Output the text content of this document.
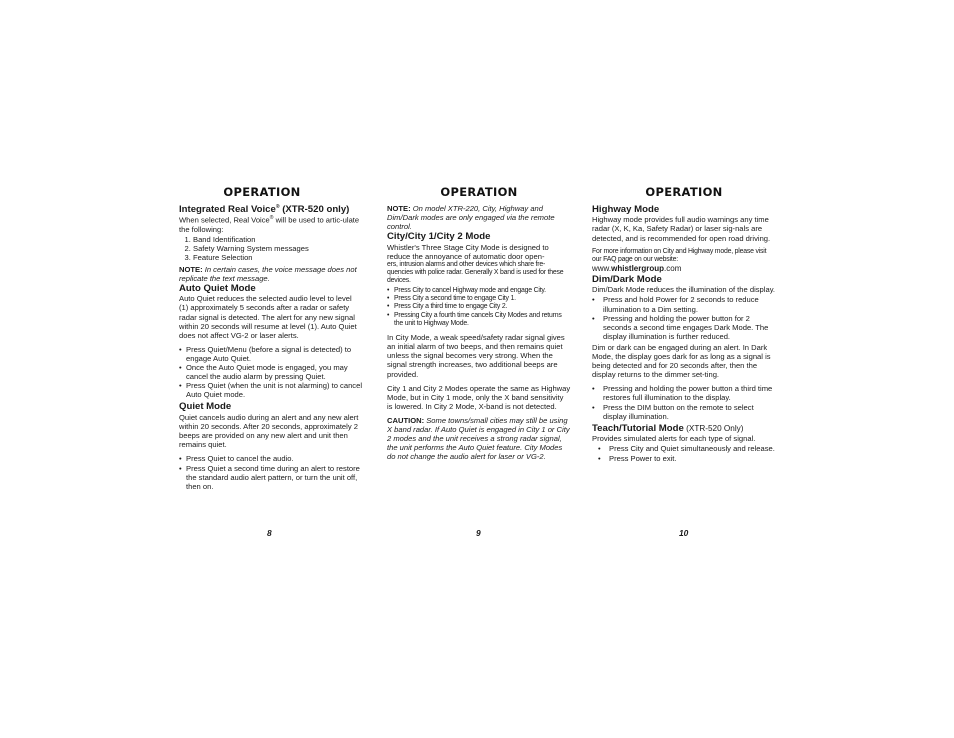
OPERATION

Integrated Real Voice® (XTR-520 only)

When selected, Real Voice® will be used to artic-ulate the following:

1. Band Identification
2. Safety Warning System messages
3. Feature Selection

NOTE: In certain cases, the voice message does not replicate the text message.

Auto Quiet Mode

Auto Quiet reduces the selected audio level to level (1) approximately 5 seconds after a radar or safety radar signal is detected. The alert for any new signal within 20 seconds will resume at level (1). Auto Quiet does not affect VG-2 or laser alerts.

• Press Quiet/Menu (before a signal is detected) to engage Auto Quiet.
• Once the Auto Quiet mode is engaged, you may cancel the audio alarm by pressing Quiet.
• Press Quiet (when the unit is not alarming) to cancel Auto Quiet mode.

Quiet Mode

Quiet cancels audio during an alert and any new alert within 20 seconds. After 20 seconds, approximately 2 beeps are provided on any new alert and unit then remains quiet.

• Press Quiet to cancel the audio.
• Press Quiet a second time during an alert to restore the standard audio alert pattern, or turn the unit off, then on.
8
OPERATION

NOTE: On model XTR-220, City, Highway and Dim/Dark modes are only engaged via the remote control.

City/City 1/City 2 Mode

Whistler's Three Stage City Mode is designed to reduce the annoyance of automatic door open-
ers, intrusion alarms and other devices which share fre-quencies with police radar. Generally X band is used for these devices.

• Press City to cancel Highway mode and engage City.
• Press City a second time to engage City 1.
• Press City a third time to engage City 2.
• Pressing City a fourth time cancels City Modes and returns the unit to Highway Mode.

In City Mode, a weak speed/safety radar signal gives an initial alarm of two beeps, and then remains quiet unless the signal becomes very strong. When the signal strength increases, two additional beeps are provided.

City 1 and City 2 Modes operate the same as Highway Mode, but in City 1 mode, only the X band sensitivity is lowered. In City 2 Mode, X-band is not detected.

CAUTION: Some towns/small cities may still be using X band radar. If Auto Quiet is engaged in City 1 or City 2 modes and the unit receives a strong radar signal, the unit performs the Auto Quiet feature. City Modes do not change the audio alert for laser or VG-2.

9
OPERATION

Highway Mode

Highway mode provides full audio warnings any time radar (X, K, Ka, Safety Radar) or laser sig-nals are detected, and is recommended for open road driving.

For more information on City and Highway mode, please visit our FAQ page on our website:

www.whistlergroup.com

Dim/Dark Mode

Dim/Dark Mode reduces the illumination of the display.

• Press and hold Power for 2 seconds to reduce illumination to a Dim setting.
• Pressing and holding the power button for 2 seconds a second time engages Dark Mode. The display illumination is further reduced.

Dim or dark can be engaged during an alert. In Dark Mode, the display goes dark for as long as a signal is being detected and for 20 seconds after, then the display returns to the dimmer set-ting.

• Pressing and holding the power button a third time restores full illumination to the display.
• Press the DIM button on the remote to select display illumination.

Teach/Tutorial Mode (XTR-520 Only)

Provides simulated alerts for each type of signal.

• Press City and Quiet simultaneously and release.
• Press Power to exit.
10
